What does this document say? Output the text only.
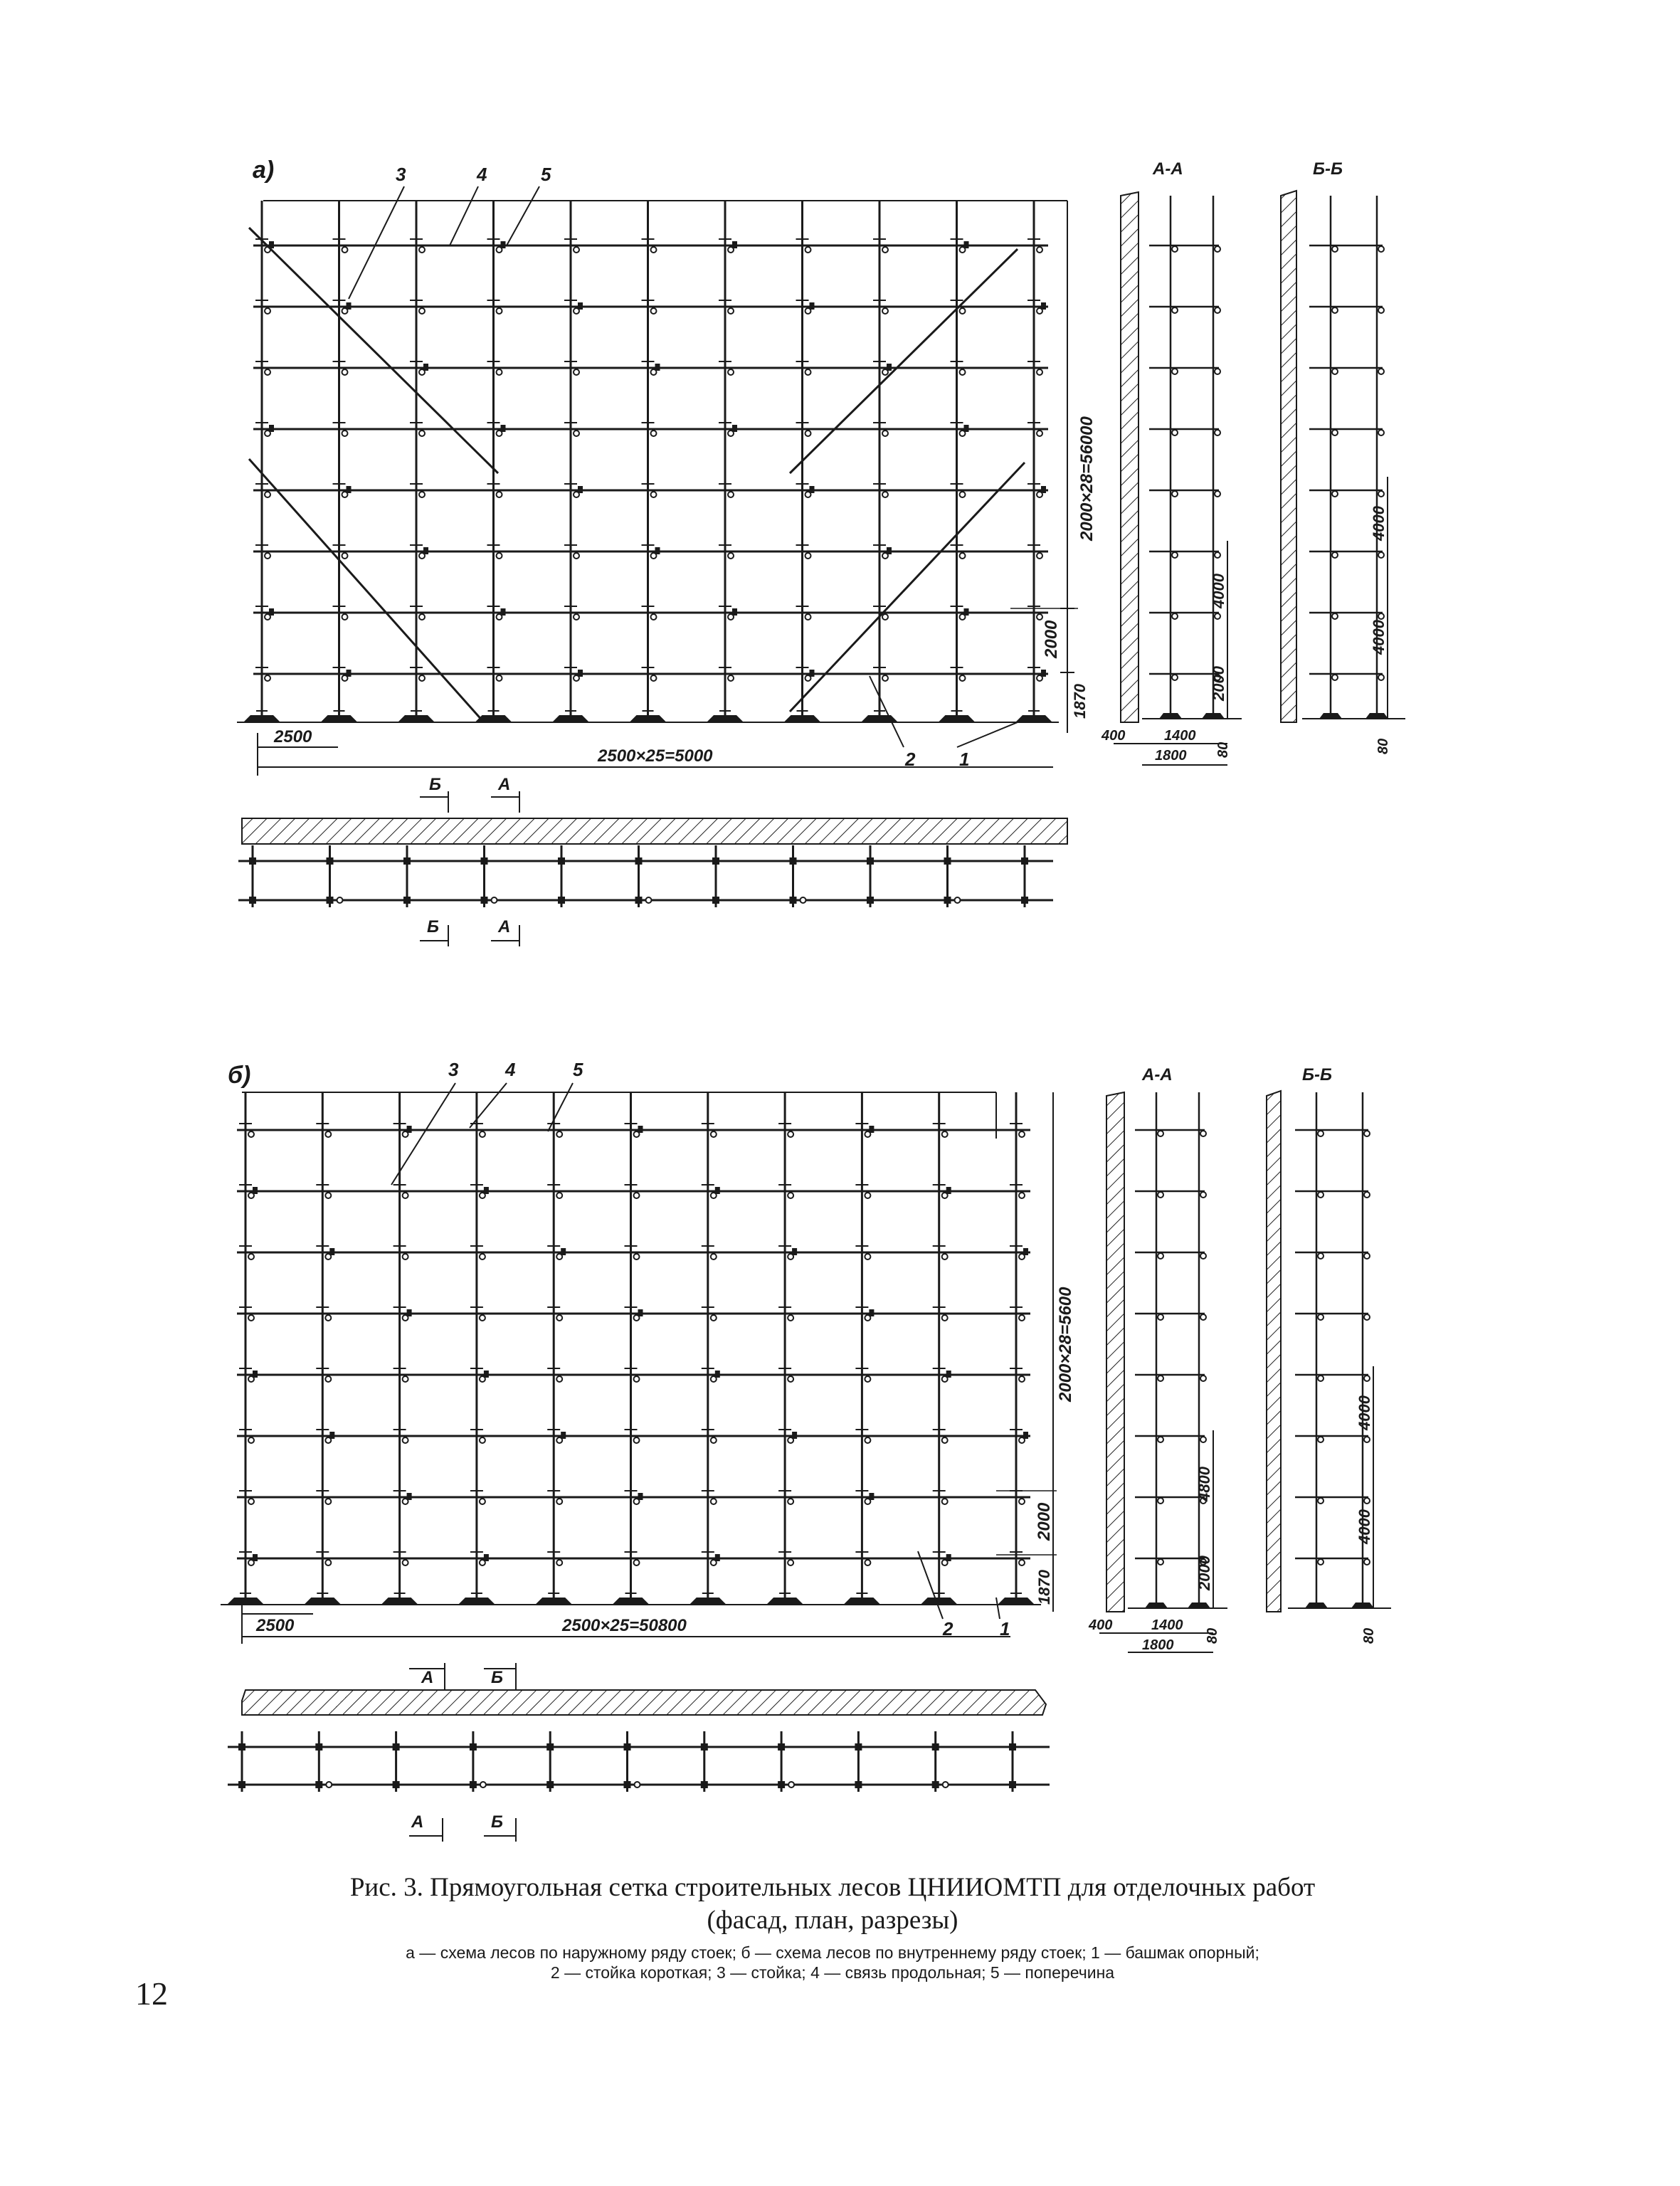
а)	3	4	5
2 1
2000×28=56000
2000
1870
2500
2500×25=5000
Б	А
Б	А
А-А
4000
2000
400	1400
1800 80
Б-Б
4000
4000
80
б)	3	4	5
2	1
2000×28=5600
2000
1870
2500	2500×25=50800
А	Б
А	Б
А-А
4800
2000
400	1400
1800
80
Б-Б
4000
4000
80
Рис. 3. Прямоугольная сетка строительных лесов ЦНИИОМТП для отделочных работ
(фасад, план, разрезы)
а — схема лесов по наружному ряду стоек; б — схема лесов по внутреннему ряду стоек; 1 — башмак опорный;
2 — стойка короткая; 3 — стойка; 4 — связь продольная; 5 — поперечина
12
